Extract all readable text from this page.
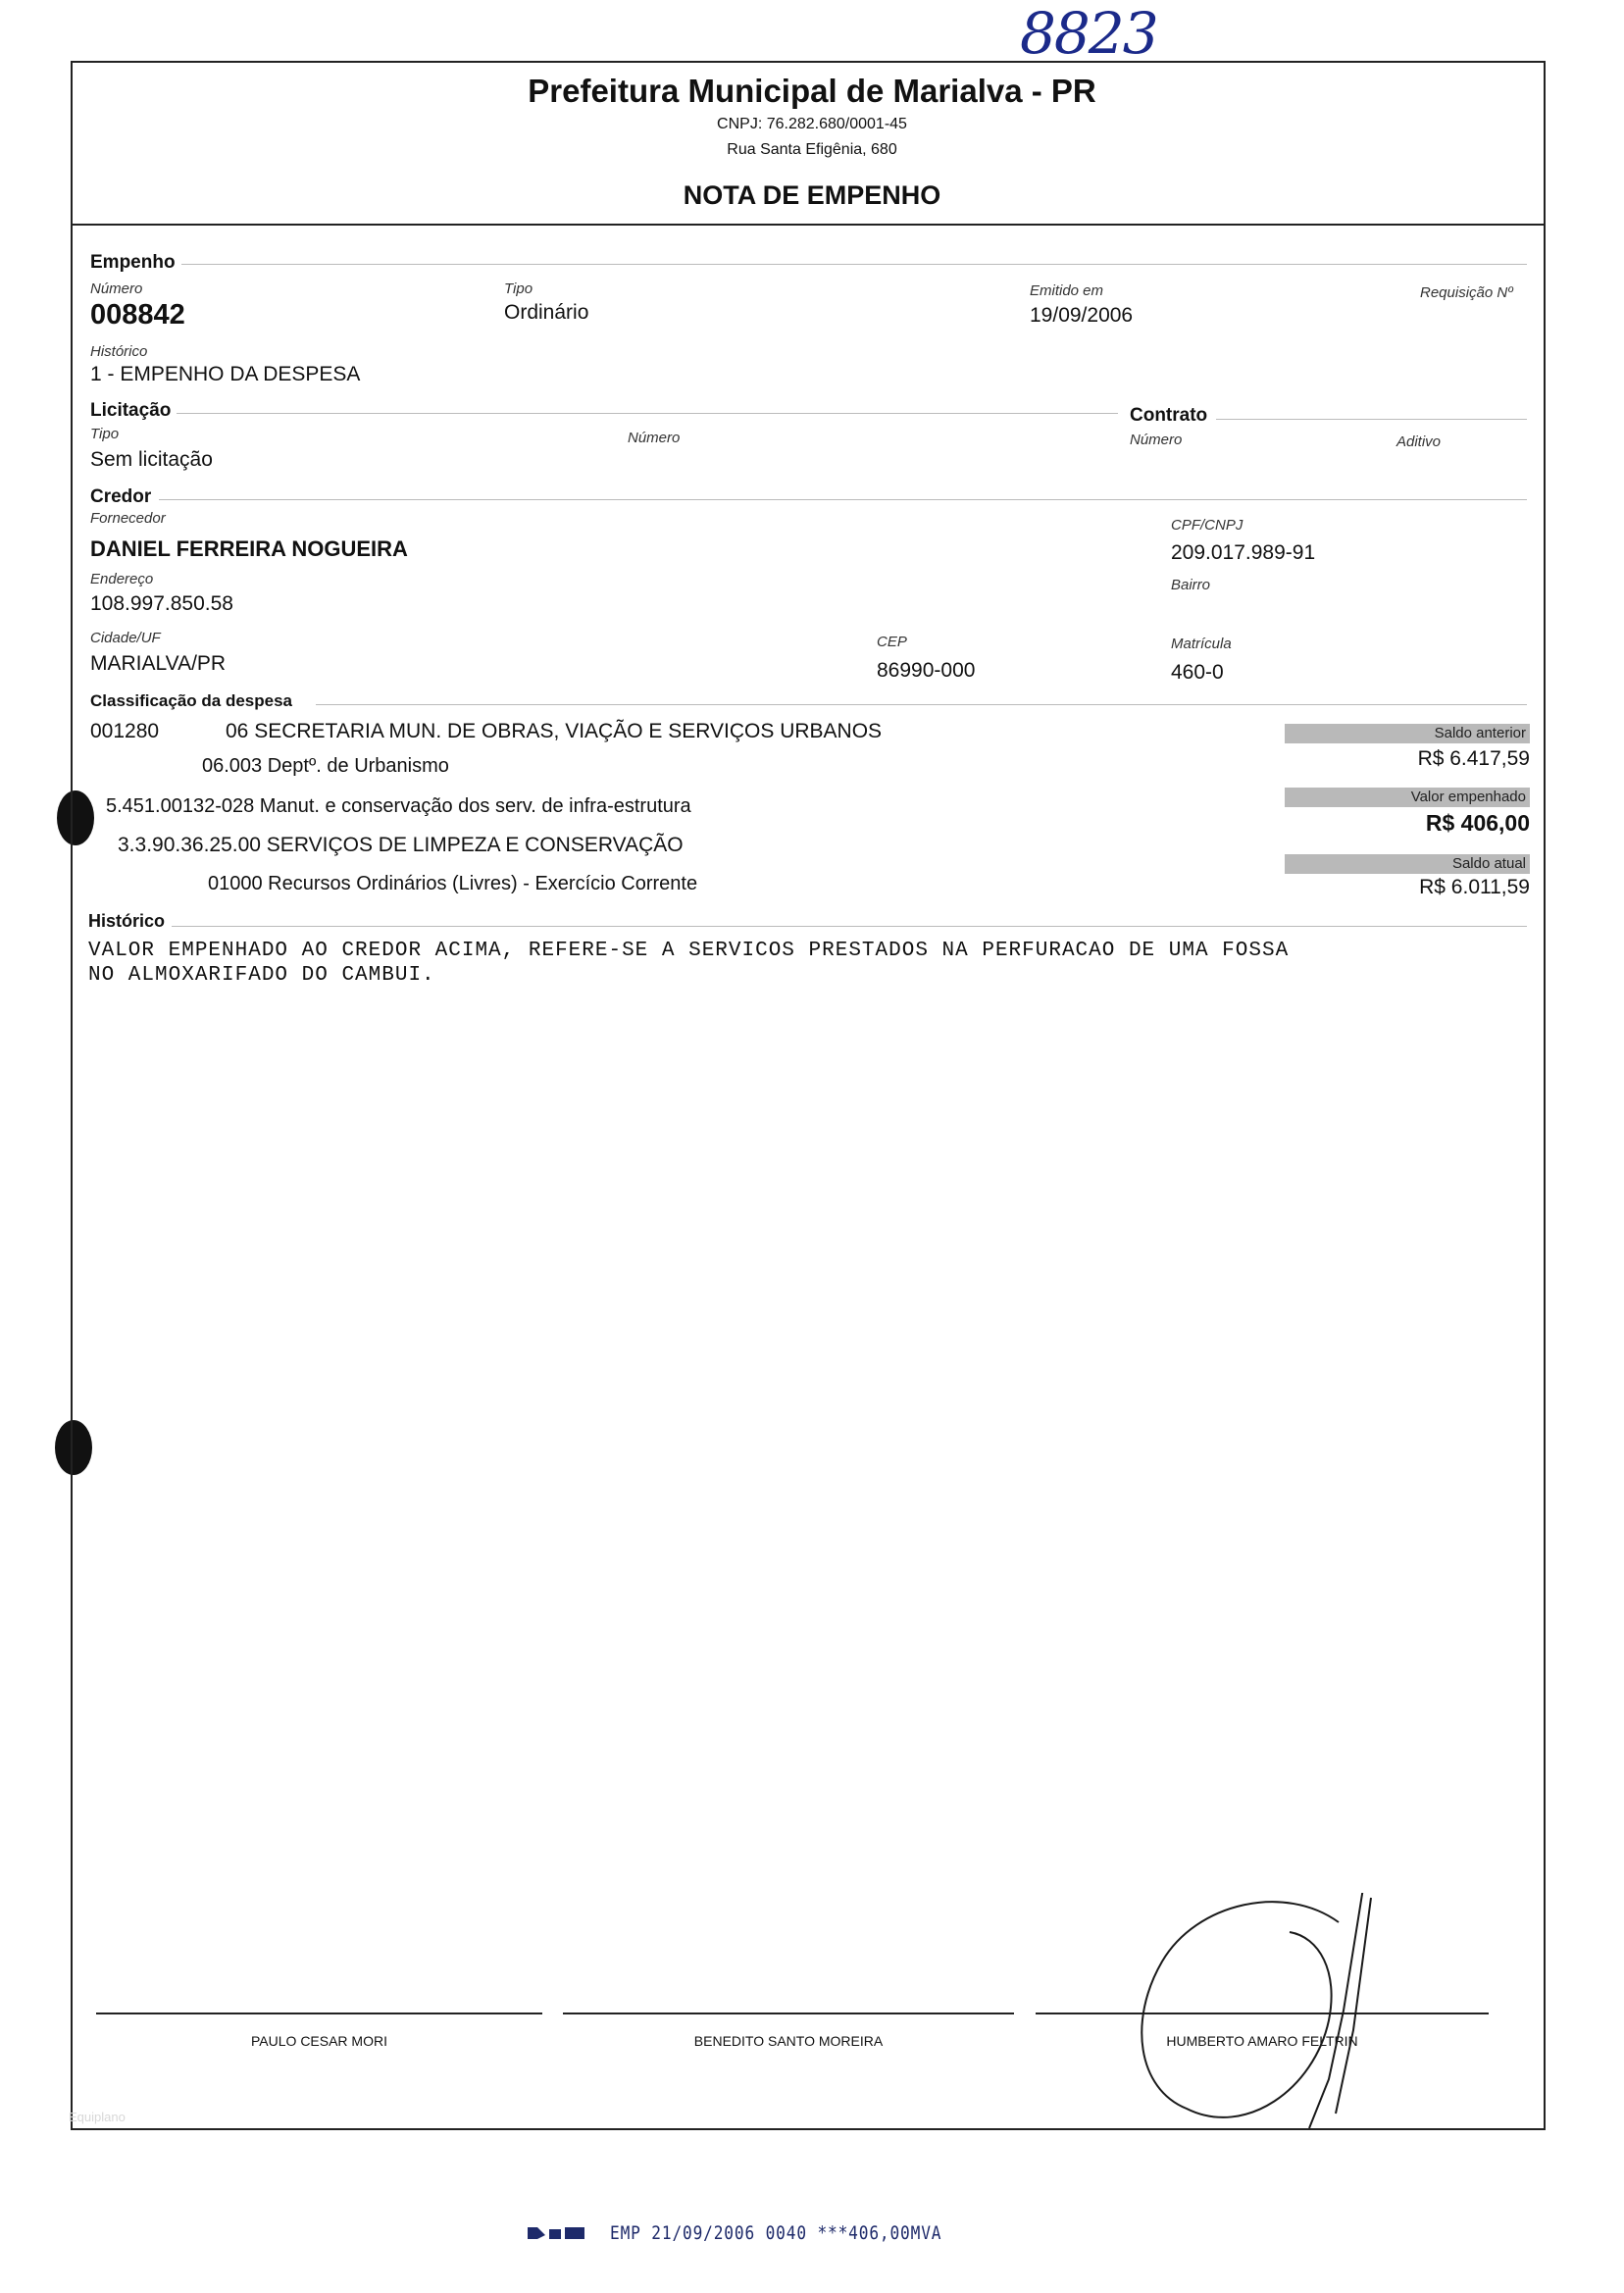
8823
Prefeitura Municipal de Marialva - PR
CNPJ: 76.282.680/0001-45
Rua Santa Efigênia, 680
NOTA DE EMPENHO
Empenho
Número
008842
Tipo
Ordinário
Emitido em
19/09/2006
Requisição Nº
Histórico
1 - EMPENHO DA DESPESA
Licitação	Contrato
Tipo
Sem licitação
Número	Número	Aditivo
Credor
Fornecedor
DANIEL FERREIRA NOGUEIRA
CPF/CNPJ
209.017.989-91
Endereço
108.997.850.58
Bairro
Cidade/UF
MARIALVA/PR
CEP
86990-000
Matrícula
460-0
Classificação da despesa
001280	06 SECRETARIA MUN. DE OBRAS, VIAÇÃO E SERVIÇOS URBANOS
06.003 Deptº. de Urbanismo
5.451.00132-028 Manut. e conservação dos serv. de infra-estrutura
3.3.90.36.25.00 SERVIÇOS DE LIMPEZA E CONSERVAÇÃO
01000 Recursos Ordinários (Livres) - Exercício Corrente
Saldo anterior
R$ 6.417,59
Valor empenhado
R$ 406,00
Saldo atual
R$ 6.011,59
Histórico
VALOR EMPENHADO AO CREDOR ACIMA, REFERE-SE A SERVICOS PRESTADOS NA PERFURACAO DE UMA FOSSA
NO ALMOXARIFADO DO CAMBUI.
PAULO CESAR MORI	BENEDITO SANTO MOREIRA	HUMBERTO AMARO FELTRIN
Equiplano
EMP 21/09/2006 0040 ***406,00MVA
